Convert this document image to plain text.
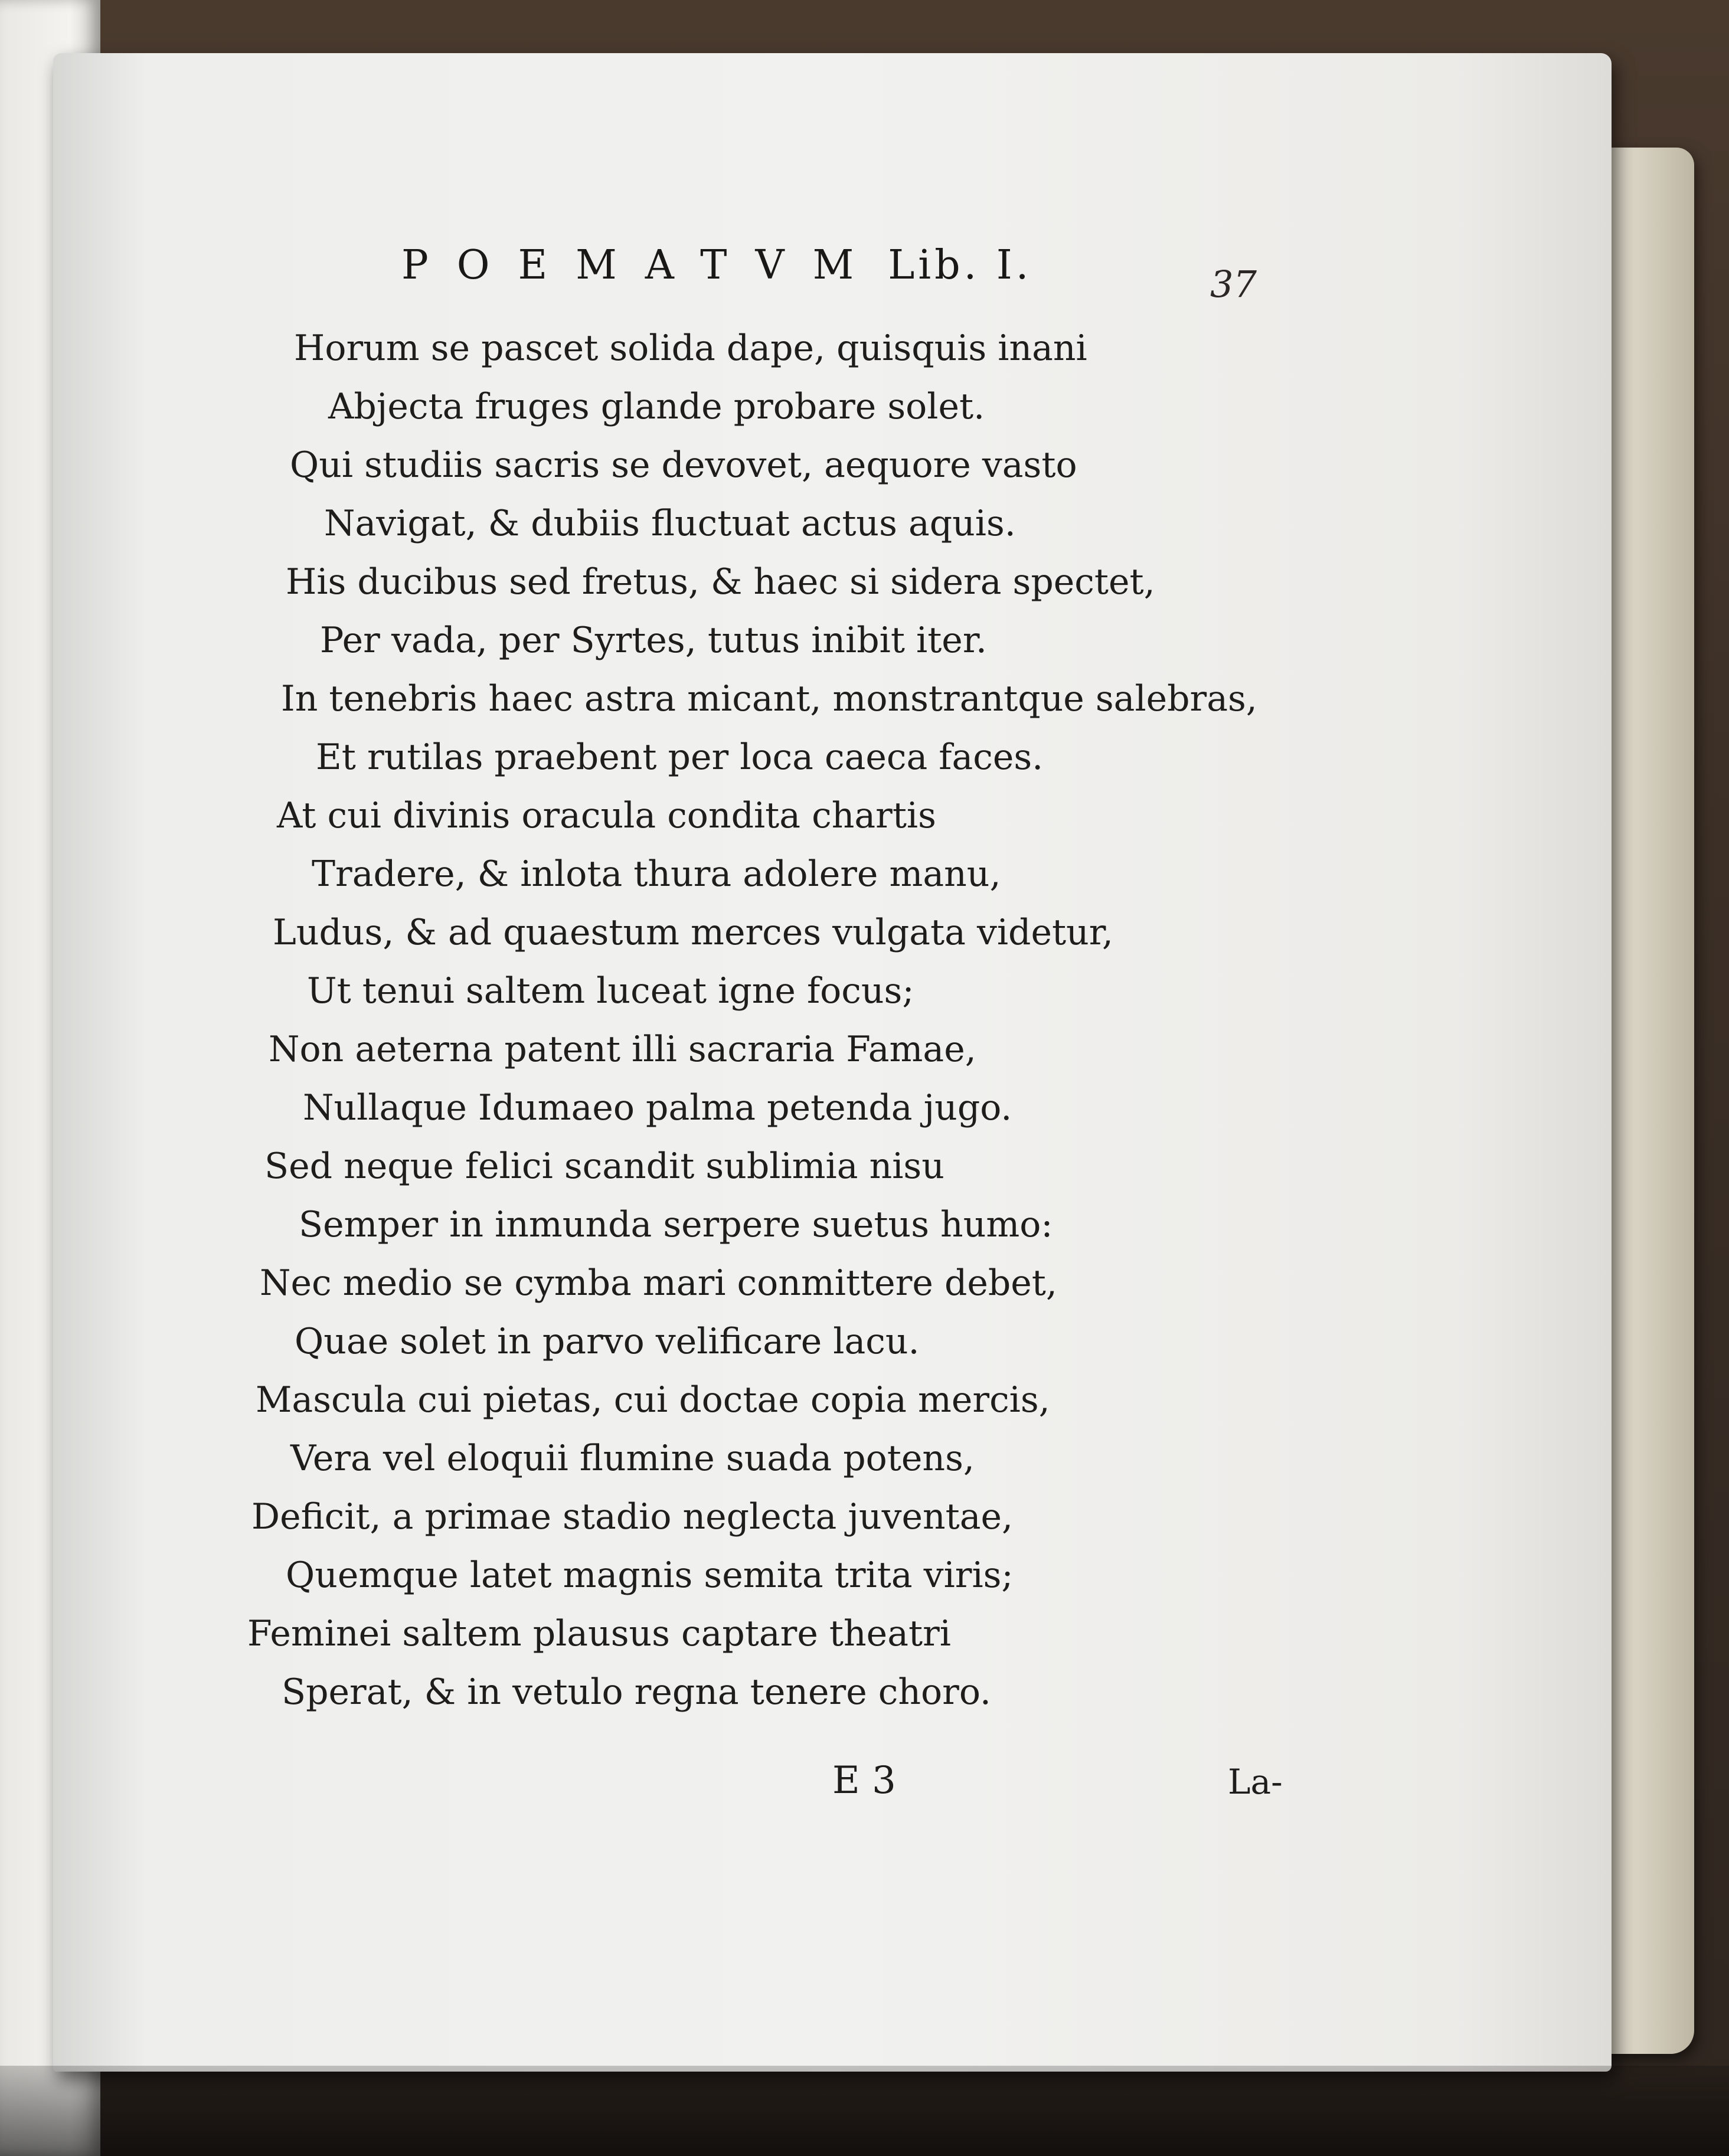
POEMATVM Lib. I.	37
Horum se pascet solida dape, quisquis inani
Abjecta fruges glande probare solet.
Qui studiis sacris se devovet, aequore vasto
Navigat, & dubiis fluctuat actus aquis.
His ducibus sed fretus, & haec si sidera spectet,
Per vada, per Syrtes, tutus inibit iter.
In tenebris haec astra micant, monstrantque salebras,
Et rutilas praebent per loca caeca faces.
At cui divinis oracula condita chartis
Tradere, & inlota thura adolere manu,
Ludus, & ad quaestum merces vulgata videtur,
Ut tenui saltem luceat igne focus;
Non aeterna patent illi sacraria Famae,
Nullaque Idumaeo palma petenda jugo.
Sed neque felici scandit sublimia nisu
Semper in inmunda serpere suetus humo:
Nec medio se cymba mari conmittere debet,
Quae solet in parvo velificare lacu.
Mascula cui pietas, cui doctae copia mercis,
Vera vel eloquii flumine suada potens,
Deficit, a primae stadio neglecta juventae,
Quemque latet magnis semita trita viris;
Feminei saltem plausus captare theatri
Sperat, & in vetulo regna tenere choro.
E 3	La-
